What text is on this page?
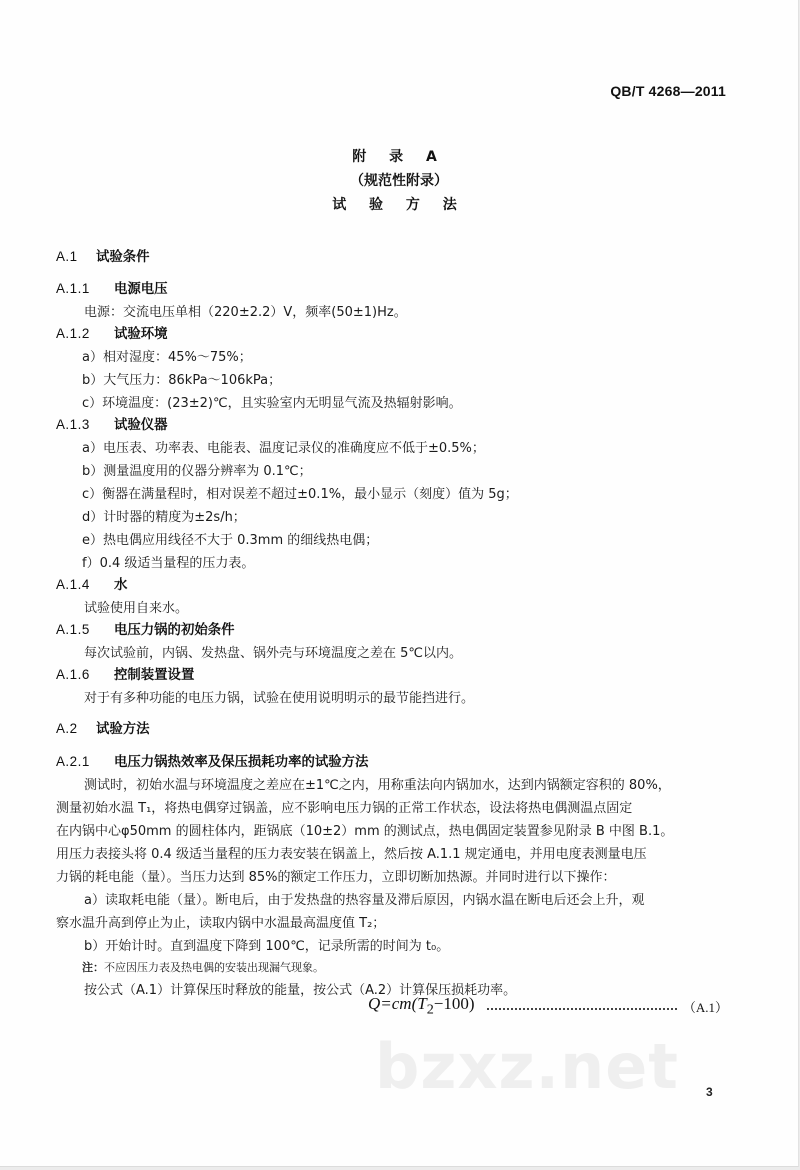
QB/T 4268—2011
附 录 A
（规范性附录）
试 验 方 法
A.1 试验条件
A.1.1 电源电压
电源：交流电压单相（220±2.2）V，频率(50±1)Hz。
A.1.2 试验环境
a）相对湿度：45%～75%；
b）大气压力：86kPa～106kPa；
c）环境温度：(23±2)℃，且实验室内无明显气流及热辐射影响。
A.1.3 试验仪器
a）电压表、功率表、电能表、温度记录仪的准确度应不低于±0.5%；
b）测量温度用的仪器分辨率为 0.1℃；
c）衡器在满量程时，相对误差不超过±0.1%，最小显示（刻度）值为 5g；
d）计时器的精度为±2s/h；
e）热电偶应用线径不大于 0.3mm 的细线热电偶；
f）0.4 级适当量程的压力表。
A.1.4 水
试验使用自来水。
A.1.5 电压力锅的初始条件
每次试验前，内锅、发热盘、锅外壳与环境温度之差在 5℃以内。
A.1.6 控制装置设置
对于有多种功能的电压力锅，试验在使用说明明示的最节能挡进行。
A.2 试验方法
A.2.1 电压力锅热效率及保压损耗功率的试验方法
测试时，初始水温与环境温度之差应在±1℃之内，用称重法向内锅加水，达到内锅额定容积的 80%，
测量初始水温 T₁，将热电偶穿过锅盖，应不影响电压力锅的正常工作状态，设法将热电偶测温点固定
在内锅中心φ50mm 的圆柱体内，距锅底（10±2）mm 的测试点，热电偶固定装置参见附录 B 中图 B.1。
用压力表接头将 0.4 级适当量程的压力表安装在锅盖上，然后按 A.1.1 规定通电，并用电度表测量电压
力锅的耗电能（量）。当压力达到 85%的额定工作压力，立即切断加热源。并同时进行以下操作：
a）读取耗电能（量）。断电后，由于发热盘的热容量及滞后原因，内锅水温在断电后还会上升，观
察水温升高到停止为止，读取内锅中水温最高温度值 T₂；
b）开始计时。直到温度下降到 100℃，记录所需的时间为 t₀。
注：不应因压力表及热电偶的安装出现漏气现象。
按公式（A.1）计算保压时释放的能量，按公式（A.2）计算保压损耗功率。
$Q=cm(T_2-100)$	（A.1）
bzxz.net 3
